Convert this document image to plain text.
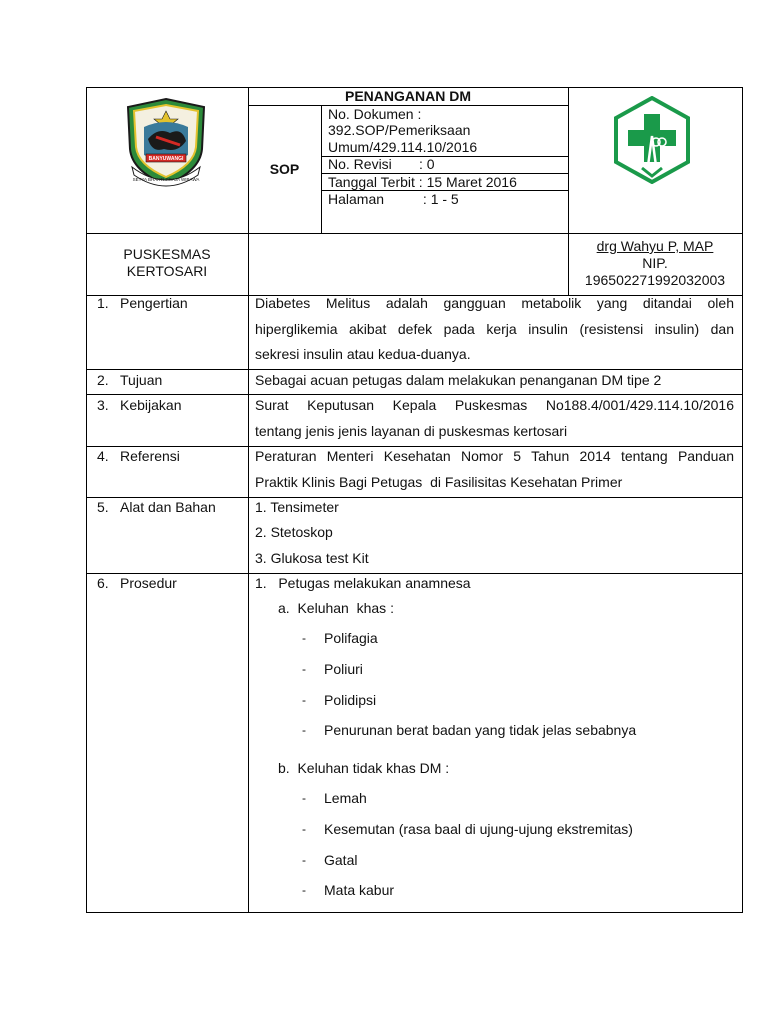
BANYUWANGI
SETYA BHAKTI PRAJA WIBAWA
PENANGANAN DM
SOP
No. Dokumen :
392.SOP/Pemeriksaan
Umum/429.114.10/2016
No. Revisi       : 0
Tanggal Terbit : 15 Maret 2016
Halaman          : 1 - 5
PUSKESMAS
KERTOSARI
drg Wahyu P, MAP
NIP.
196502271992032003
1. Pengertian	Diabetes Melitus adalah gangguan metabolik yang ditandai oleh
hiperglikemia akibat defek pada kerja insulin (resistensi insulin) dan
sekresi insulin atau kedua-duanya.
2. Tujuan	Sebagai acuan petugas dalam melakukan penanganan DM tipe 2
3. Kebijakan	Surat Keputusan Kepala Puskesmas No188.4/001/429.114.10/2016
tentang jenis jenis layanan di puskesmas kertosari
4. Referensi	Peraturan Menteri Kesehatan Nomor 5 Tahun 2014 tentang Panduan
Praktik Klinis Bagi Petugas  di Fasilisitas Kesehatan Primer
5. Alat dan Bahan	1. Tensimeter
2. Stetoskop
3. Glukosa test Kit
6. Prosedur	1.   Petugas melakukan anamnesa
a.  Keluhan  khas :
- Polifagia
- Poliuri
- Polidipsi
- Penurunan berat badan yang tidak jelas sebabnya
b.  Keluhan tidak khas DM :
- Lemah
- Kesemutan (rasa baal di ujung-ujung ekstremitas)
- Gatal
- Mata kabur
